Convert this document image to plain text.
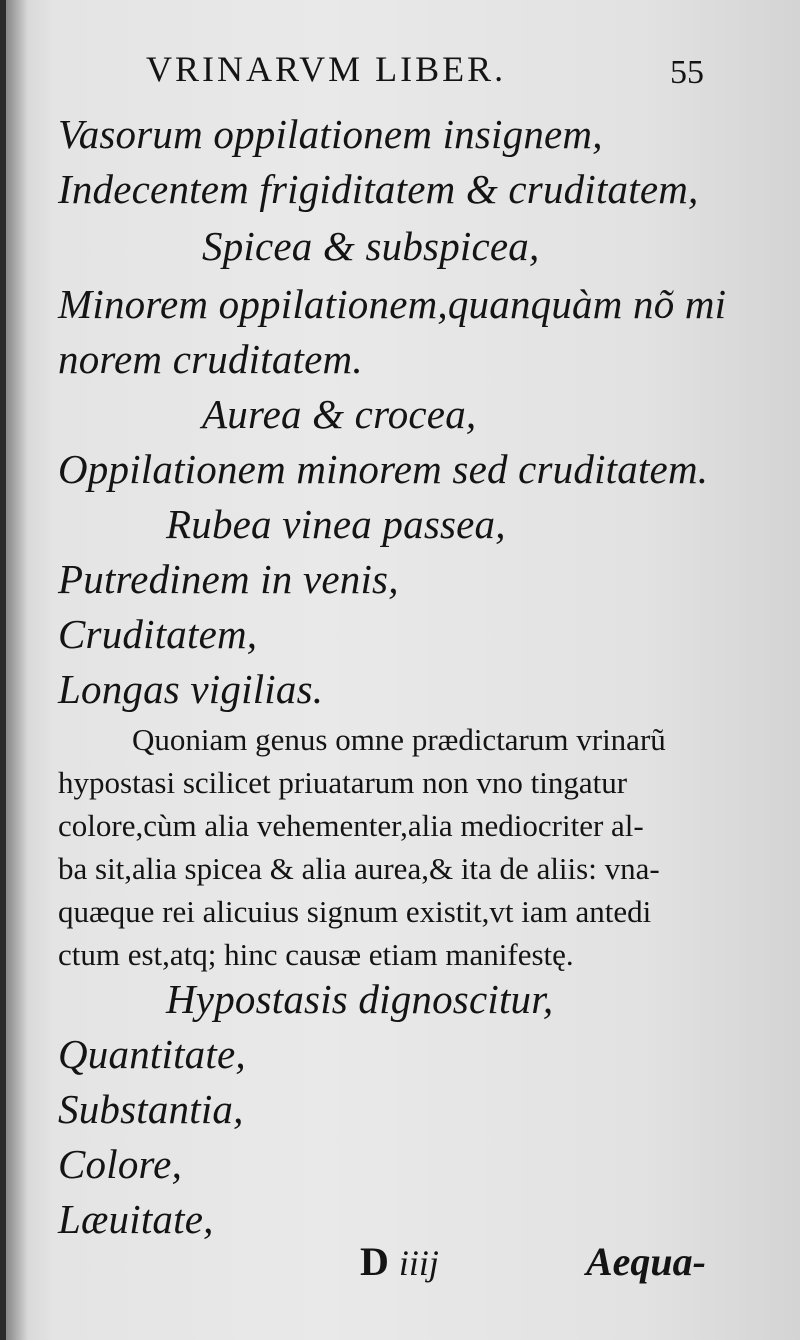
VRINARVM LIBER.	55
Vasorum oppilationem insignem,
Indecentem frigiditatem & cruditatem,
Spicea & subspicea,
Minorem oppilationem,quanquàm nõ mi
norem cruditatem.
Aurea & crocea,
Oppilationem minorem sed cruditatem.
Rubea vinea passea,
Putredinem in venis,
Cruditatem,
Longas vigilias.
Quoniam genus omne prædictarum vrinarũ
hypostasi scilicet priuatarum non vno tingatur
colore,cùm alia vehementer,alia mediocriter al-
ba sit,alia spicea & alia aurea,& ita de aliis: vna-
quæque rei alicuius signum existit,vt iam antedi
ctum est,atq; hinc causæ etiam manifestę.
Hypostasis dignoscitur,
Quantitate,
Substantia,
Colore,
Læuitate,
D iiij	Aequa-
